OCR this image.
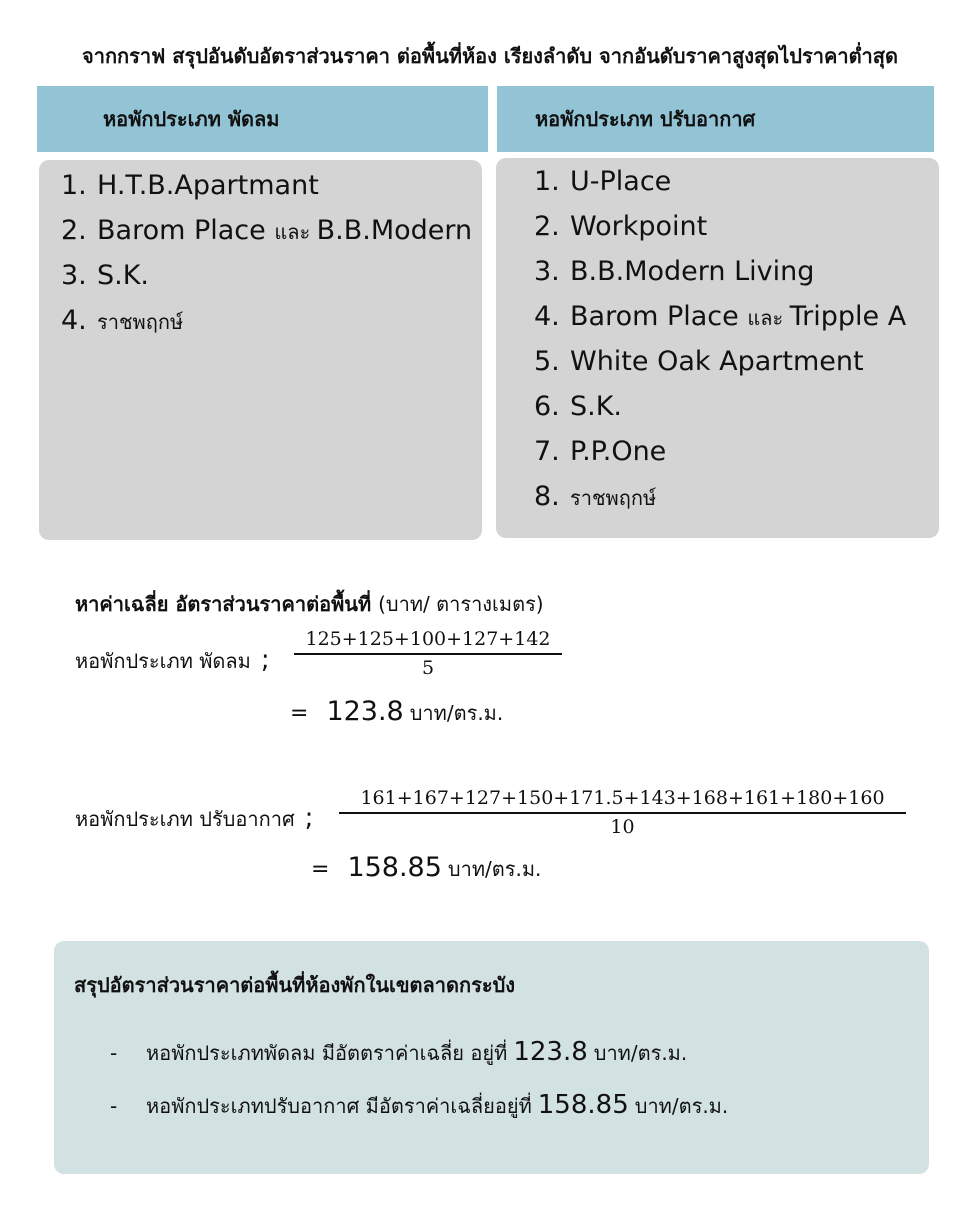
จากกราฟ สรุปอันดับอัตราส่วนราคา ต่อพื้นที่ห้อง เรียงลำดับ จากอันดับราคาสูงสุดไปราคาต่ำสุด
หอพักประเภท พัดลม
1. H.T.B.Apartmant
2. Barom Place และ B.B.Modern
3. S.K.
4. ราชพฤกษ์
หอพักประเภท ปรับอากาศ
1. U-Place
2. Workpoint
3. B.B.Modern Living
4. Barom Place และ Tripple A
5. White Oak Apartment
6. S.K.
7. P.P.One
8. ราชพฤกษ์
หาค่าเฉลี่ย อัตราส่วนราคาต่อพื้นที่ (บาท/ ตารางเมตร)
หอพักประเภท พัดลม ;
125+125+100+127+142
5
= 123.8 บาท/ตร.ม.
หอพักประเภท ปรับอากาศ ;
161+167+127+150+171.5+143+168+161+180+160
10
= 158.85 บาท/ตร.ม.
สรุปอัตราส่วนราคาต่อพื้นที่ห้องพักในเขตลาดกระบัง
-	หอพักประเภทพัดลม มีอัตตราค่าเฉลี่ย อยู่ที่ 123.8 บาท/ตร.ม.
-	หอพักประเภทปรับอากาศ มีอัตราค่าเฉลี่ยอยู่ที่ 158.85 บาท/ตร.ม.
